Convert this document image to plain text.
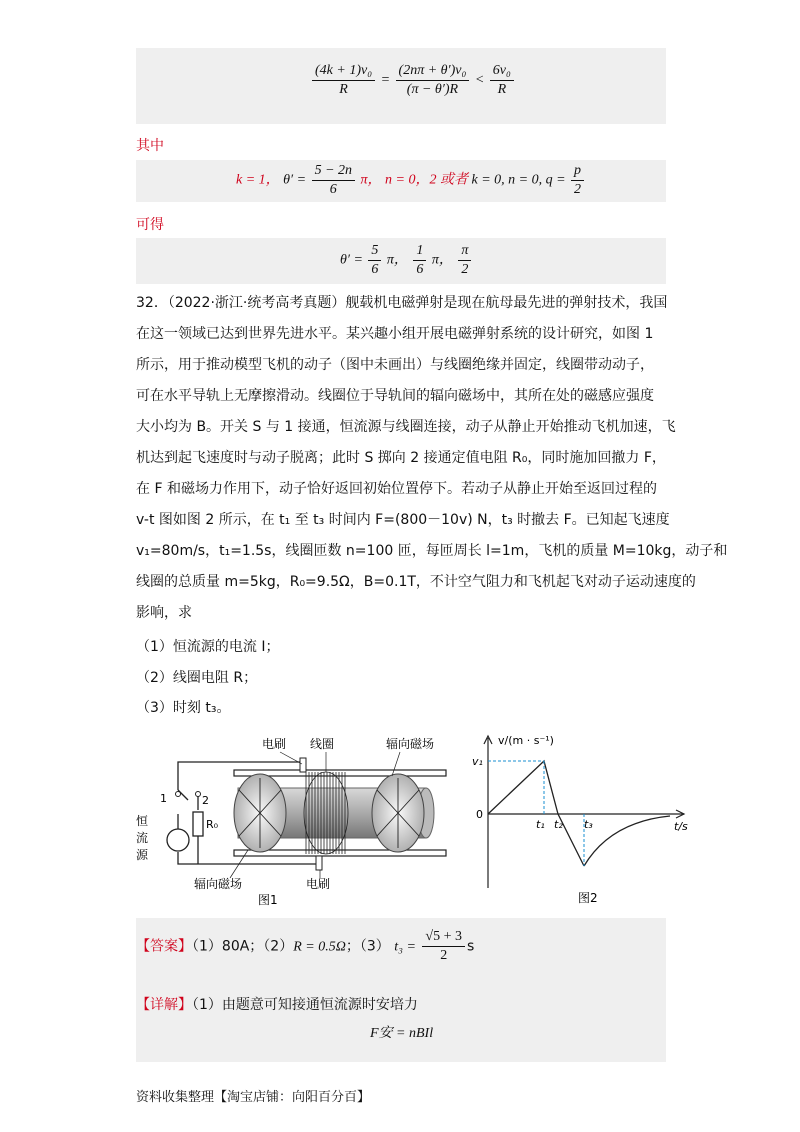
$\frac{\text{(4k + 1)v₀}}{R} = \frac{\text{(2nπ + θ′)v₀}}{(\pi - \theta')R} < \frac{\text{6v₀}}{R}$
其中
k = 1， $\theta' = \frac{5 - 2n}{6}$ π， n = 0，2 或者 k = 0, n = 0, $q = \frac{p}{2}$
可得
$\theta' = \frac{5}{6}$ π， $\frac{1}{6}$ π， $\frac{\pi}{2}$
32．（2022·浙江·统考高考真题）舰载机电磁弹射是现在航母最先进的弹射技术，我国
在这一领域已达到世界先进水平。某兴趣小组开展电磁弹射系统的设计研究，如图 1
所示，用于推动模型飞机的动子（图中未画出）与线圈绝缘并固定，线圈带动动子，
可在水平导轨上无摩擦滑动。线圈位于导轨间的辐向磁场中，其所在处的磁感应强度
大小均为 B。开关 S 与 1 接通，恒流源与线圈连接，动子从静止开始推动飞机加速，飞
机达到起飞速度时与动子脱离；此时 S 掷向 2 接通定值电阻 R₀，同时施加回撤力 F，
在 F 和磁场力作用下，动子恰好返回初始位置停下。若动子从静止开始至返回过程的
v-t 图如图 2 所示，在 t₁ 至 t₃ 时间内 F=(800－10v) N，t₃ 时撤去 F。已知起飞速度
v₁=80m/s，t₁=1.5s，线圈匝数 n=100 匝，每匝周长 l=1m，飞机的质量 M=10kg，动子和
线圈的总质量 m=5kg，R₀=9.5Ω，B=0.1T，不计空气阻力和飞机起飞对动子运动速度的
影响，求
（1）恒流源的电流 I；
（2）线圈电阻 R；
（3）时刻 t₃。
1	2
R₀
恒
流
源
电刷 线圈	辐向磁场
辐向磁场	电刷
图1
v/(m · s⁻¹)
t/s
0
v₁
t₁ t₂ t₃
图2
【答案】（1）80A；（2）R = 0.5Ω；（3） $t_3 = \frac{√5 + 3}{2}$ s
【详解】（1）由题意可知接通恒流源时安培力
F安 = nBIl
资料收集整理【淘宝店铺：向阳百分百】
